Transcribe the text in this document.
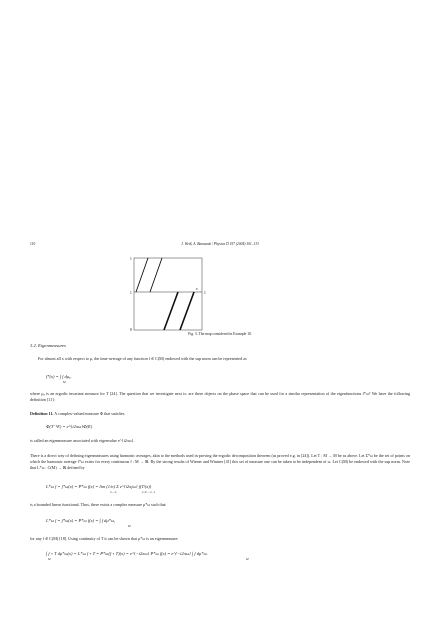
110	J. Weiß, A. Banaszuk / Physica D 197 (2004) 101–133
1
1	1
x
0
Fig. 3. The map considered in Example 10.
3.2. Eigenmeasures

For almost all x with respect to μ, the time-average of any function f ∈ C(M) endowed with the sup norm can be represented as

f*(x) = ∫ f dμₓ,
M

where μₓ is an ergodic invariant measure for T [24]. The question that we investigate next is: are there objects on the phase space that can be used for a similar representation of the eigenfunctions f*ω? We have the following definition [11]:

Definition 11. A complex-valued measure Φ that satisfies

Φ(T⁻¹E) = e^{i2πω}Φ(E)

is called an eigenmeasure associated with eigenvalue e^{i2πω}.

There is a direct way of defining eigenmeasures using harmonic averages, akin to the methods used in proving the ergodic decomposition theorem (as proved e.g. in [24]). Let T : M → M be as above. Let Σ*ω be the set of points on which the harmonic average f*ω exists for every continuous f : M → ℝ. By the strong results of Wiener and Wintner [41] this set of measure one can be taken to be independent of ω. Let C(M) be endowed with the sup norm. Note that L*ω : C(M) → ℝ defined by

L*ω f = f*ω(x) = P*ω f(x) = lim (1/n) Σ e^{i2πjω} f(Tʲ(x))
n→∞	j=0 … n−1

is a bounded linear functional. Thus, there exists a complex measure μ*ω such that

L*ω f = f*ω(x) = P*ω f(x) = ∫ f dμ*ω,
M

for any f ∈ C(M) [18]. Using continuity of T it can be shown that μ*ω is an eigenmeasure:

∫ f ∘ T dμ*ω(x) = L*ω f ∘ T = P*ω(f ∘ T)(x) = e^{−i2πω} P*ω f(x) = e^{−i2πω} ∫ f dμ*ω.
M	M
